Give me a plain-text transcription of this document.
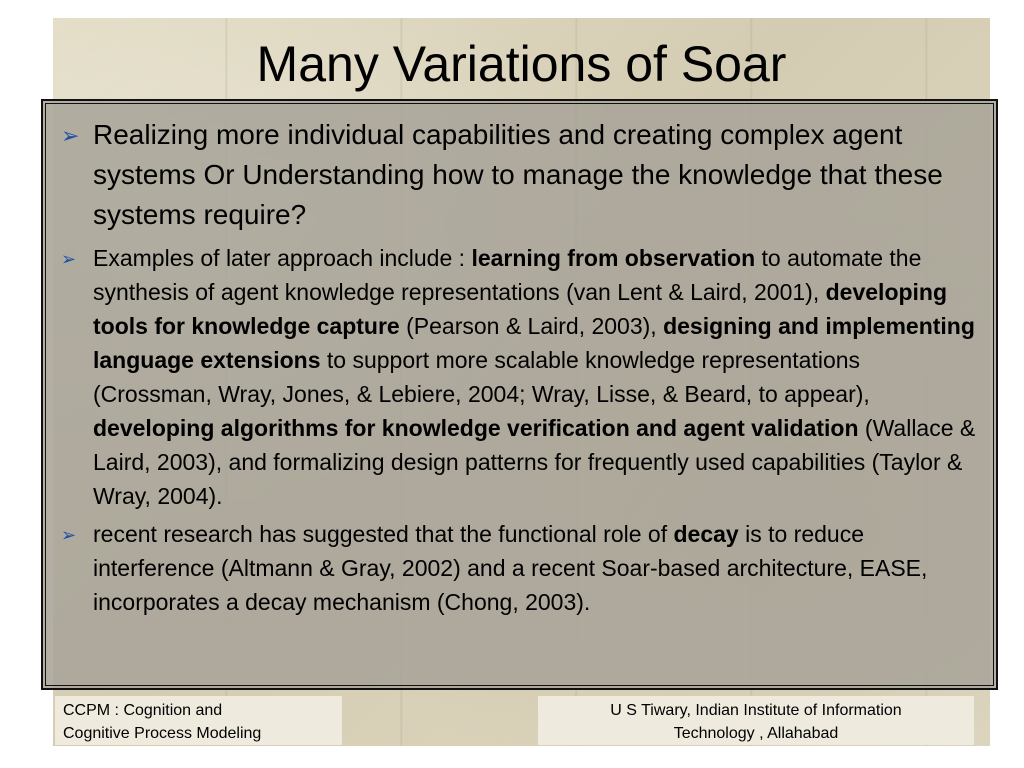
Many Variations of Soar
➢ Realizing more individual capabilities and creating complex agent systems Or Understanding how to manage the knowledge that these systems require?
➢ Examples of later approach include : learning from observation to automate the synthesis of agent knowledge representations (van Lent & Laird, 2001), developing tools for knowledge capture (Pearson & Laird, 2003), designing and implementing language extensions to support more scalable knowledge representations (Crossman, Wray, Jones, & Lebiere, 2004; Wray, Lisse, & Beard, to appear), developing algorithms for knowledge verification and agent validation (Wallace & Laird, 2003), and formalizing design patterns for frequently used capabilities (Taylor & Wray, 2004).
➢ recent research has suggested that the functional role of decay is to reduce interference (Altmann & Gray, 2002) and a recent Soar-based architecture, EASE, incorporates a decay mechanism (Chong, 2003).
CCPM : Cognition and
Cognitive Process Modeling
U S Tiwary, Indian Institute of Information
Technology , Allahabad
